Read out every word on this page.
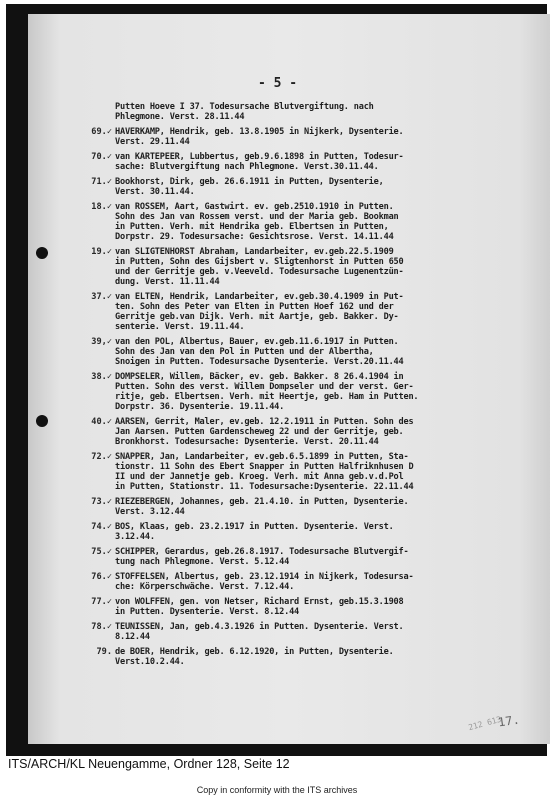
- 5 -
Putten Hoeve I 37. Todesursache Blutvergiftung. nach
Phlegmone. Verst. 28.11.44
69.✓ HAVERKAMP, Hendrik, geb. 13.8.1905 in Nijkerk, Dysenterie.
Verst. 29.11.44
70.✓ van KARTEPEER, Lubbertus, geb.9.6.1898 in Putten, Todesur-
sache: Blutvergiftung nach Phlegmone. Verst.30.11.44.
71.✓ Bookhorst, Dirk, geb. 26.6.1911 in Putten, Dysenterie,
Verst. 30.11.44.
18.✓ van ROSSEM, Aart, Gastwirt. ev. geb.2510.1910 in Putten.
Sohn des Jan van Rossem verst. und der Maria geb. Bookman
in Putten. Verh. mit Hendrika geb. Elbertsen in Putten,
Dorpstr. 29. Todesursache: Gesichtsrose. Verst. 14.11.44
19.✓ van SLIGTENHORST Abraham, Landarbeiter, ev.geb.22.5.1909
in Putten, Sohn des Gijsbert v. Sligtenhorst in Putten 650
und der Gerritje geb. v.Veeveld. Todesursache Lugenentzün-
dung. Verst. 11.11.44
37.✓ van ELTEN, Hendrik, Landarbeiter, ev.geb.30.4.1909 in Put-
ten. Sohn des Peter van Elten in Putten Hoef 162 und der
Gerritje geb.van Dijk. Verh. mit Aartje, geb. Bakker. Dy-
senterie. Verst. 19.11.44.
39,✓ van den POL, Albertus, Bauer, ev.geb.11.6.1917 in Putten.
Sohn des Jan van den Pol in Putten und der Albertha,
Snoigen in Putten. Todesursache Dysenterie. Verst.20.11.44
38.✓ DOMPSELER, Willem, Bäcker, ev. geb. Bakker. 8 26.4.1904 in
Putten. Sohn des verst. Willem Dompseler und der verst. Ger-
ritje, geb. Elbertsen. Verh. mit Heertje, geb. Ham in Putten.
Dorpstr. 36. Dysenterie. 19.11.44.
40.✓ AARSEN, Gerrit, Maler, ev.geb. 12.2.1911 in Putten. Sohn des
Jan Aarsen. Putten Gardenscheweg 22 und der Gerritje, geb.
Bronkhorst. Todesursache: Dysenterie. Verst. 20.11.44
72.✓ SNAPPER, Jan, Landarbeiter, ev.geb.6.5.1899 in Putten, Sta-
tionstr. 11 Sohn des Ebert Snapper in Putten Halfriknhusen D
II und der Jannetje geb. Kroeg. Verh. mit Anna geb.v.d.Pol
in Putten, Stationstr. 11. Todesursache:Dysenterie. 22.11.44
73.✓ RIEZEBERGEN, Johannes, geb. 21.4.10. in Putten, Dysenterie.
Verst. 3.12.44
74.✓ BOS, Klaas, geb. 23.2.1917 in Putten. Dysenterie. Verst.
3.12.44.
75.✓ SCHIPPER, Gerardus, geb.26.8.1917. Todesursache Blutvergif-
tung nach Phlegmone. Verst. 5.12.44
76.✓ STOFFELSEN, Albertus, geb. 23.12.1914 in Nijkerk, Todesursa-
che: Körperschwäche. Verst. 7.12.44.
77.✓ von WOLFFEN, gen. von Netser, Richard Ernst, geb.15.3.1908
in Putten. Dysenterie. Verst. 8.12.44
78.✓ TEUNISSEN, Jan, geb.4.3.1926 in Putten. Dysenterie. Verst.
8.12.44
79. de BOER, Hendrik, geb. 6.12.1920, in Putten, Dysenterie.
Verst.10.2.44.
212 613
17.
ITS/ARCH/KL Neuengamme, Ordner 128, Seite 12
Copy in conformity with the ITS archives
